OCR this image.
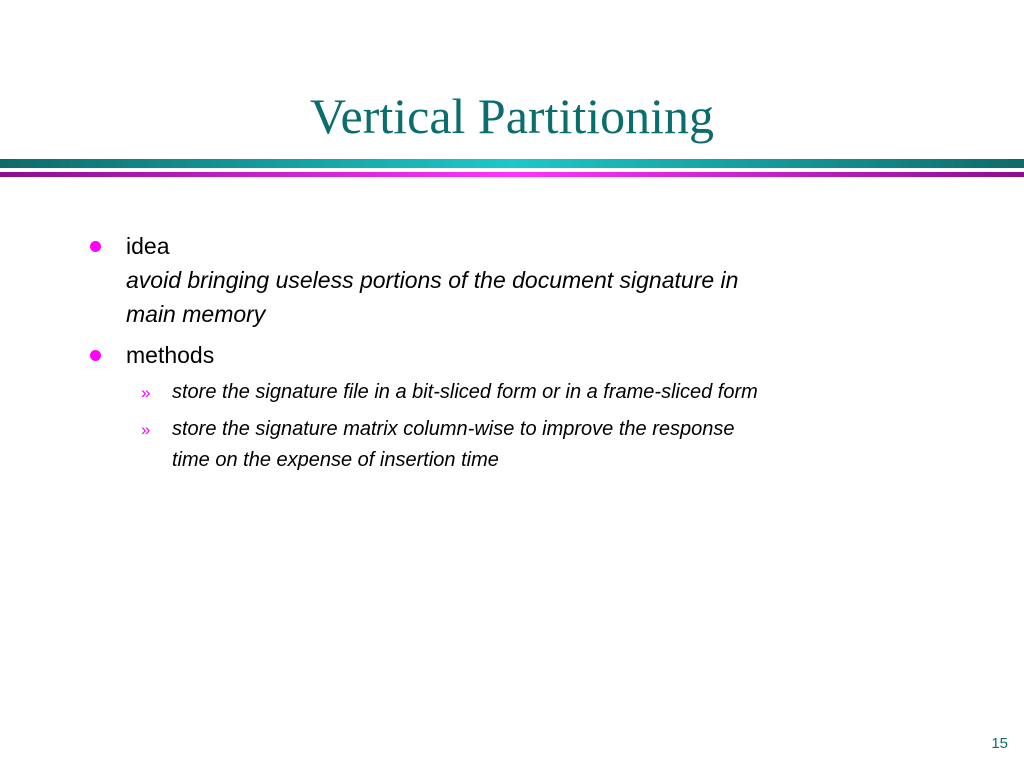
Vertical Partitioning
idea
avoid bringing useless portions of the document signature in
main memory
methods
» store the signature file in a bit-sliced form or in a frame-sliced form
» store the signature matrix column-wise to improve the response
time on the expense of insertion time
15
